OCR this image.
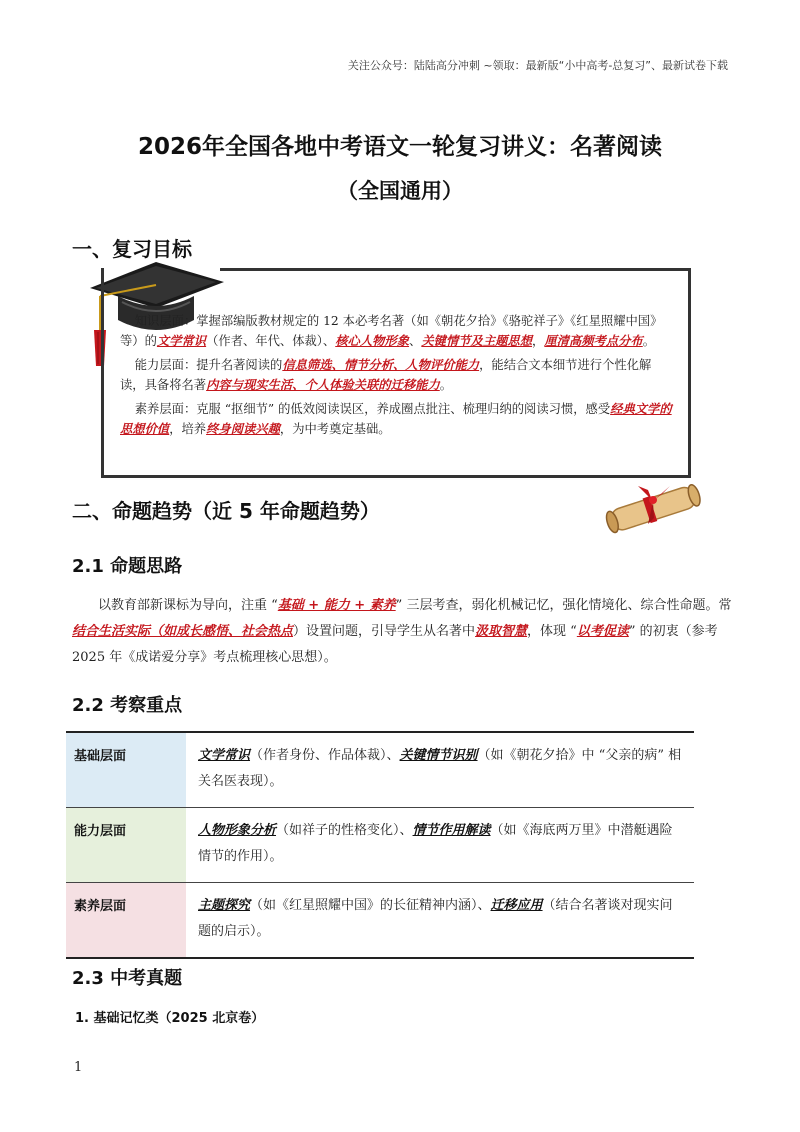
关注公众号：陆陆高分冲刺 ~领取：最新版“小中高考-总复习”、最新试卷下载
2026年全国各地中考语文一轮复习讲义：名著阅读
（全国通用）
一、复习目标

知识层面：掌握部编版教材规定的 12 本必考名著（如《朝花夕拾》《骆驼祥子》《红星照耀中国》等）的文学常识（作者、年代、体裁）、核心人物形象、关键情节及主题思想，厘清高频考点分布。

能力层面：提升名著阅读的信息筛选、情节分析、人物评价能力，能结合文本细节进行个性化解读，具备将名著内容与现实生活、个人体验关联的迁移能力。

素养层面：克服 “抠细节” 的低效阅读误区，养成圈点批注、梳理归纳的阅读习惯，感受经典文学的思想价值，培养终身阅读兴趣，为中考奠定基础。

二、命题趋势（近 5 年命题趋势）
2.1 命题思路
以教育部新课标为导向，注重 “基础 + 能力 + 素养” 三层考查，弱化机械记忆，强化情境化、综合性命题。常结合生活实际（如成长感悟、社会热点）设置问题，引导学生从名著中汲取智慧，体现 “以考促读” 的初衷（参考 2025 年《成诺爱分享》考点梳理核心思想）。
2.2 考察重点
基础层面	文学常识（作者身份、作品体裁）、关键情节识别（如《朝花夕拾》中 “父亲的病” 相关名医表现）。
能力层面	人物形象分析（如祥子的性格变化）、情节作用解读（如《海底两万里》中潜艇遇险情节的作用）。
素养层面	主题探究（如《红星照耀中国》的长征精神内涵）、迁移应用（结合名著谈对现实问题的启示）。
2.3 中考真题
1. 基础记忆类（2025 北京卷）
1
